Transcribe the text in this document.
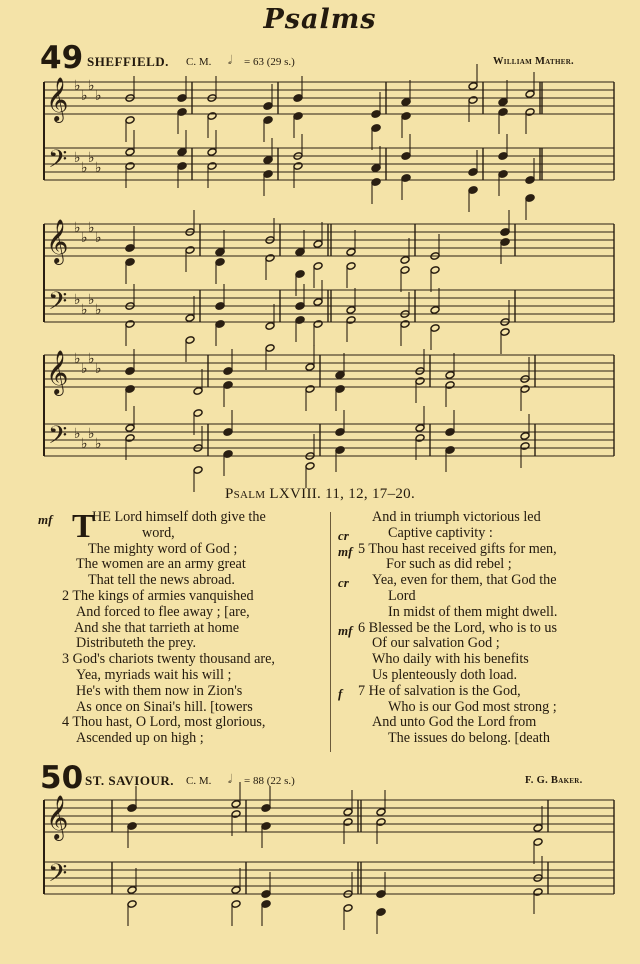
Psalms
49 SHEFFIELD. C. M. 𝅗𝅥 = 63 (29 s.)	William Mather.
𝄞
𝄢
♭
♭
♭
♭
♭
♭
♭
♭
𝄞
𝄢
♭
♭
♭
♭
♭
♭
♭
♭
𝄞
𝄢
♭
♭
♭
♭
♭
♭
♭
♭
𝄞
𝄢
Psalm LXVIII. 11, 12, 17–20.
T
mf	HE Lord himself doth give the
word,
The mighty word of God ;
The women are an army great
That tell the news abroad.
2 The kings of armies vanquished
And forced to flee away ; [are,
And she that tarrieth at home
Distributeth the prey.
3 God's chariots twenty thousand are,
Yea, myriads wait his will ;
He's with them now in Zion's
As once on Sinai's hill. [towers
4 Thou hast, O Lord, most glorious,
Ascended up on high ;
And in triumph victorious led
cr	Captive captivity :
mf 5 Thou hast received gifts for men,
For such as did rebel ;
cr Yea, even for them, that God the
Lord
In midst of them might dwell.
mf 6 Blessed be the Lord, who is to us
Of our salvation God ;
Who daily with his benefits
Us plenteously doth load.
f 7 He of salvation is the God,
Who is our God most strong ;
And unto God the Lord from
The issues do belong. [death
50 ST. SAVIOUR. C. M. 𝅗𝅥 = 88 (22 s.)	F. G. Baker.
